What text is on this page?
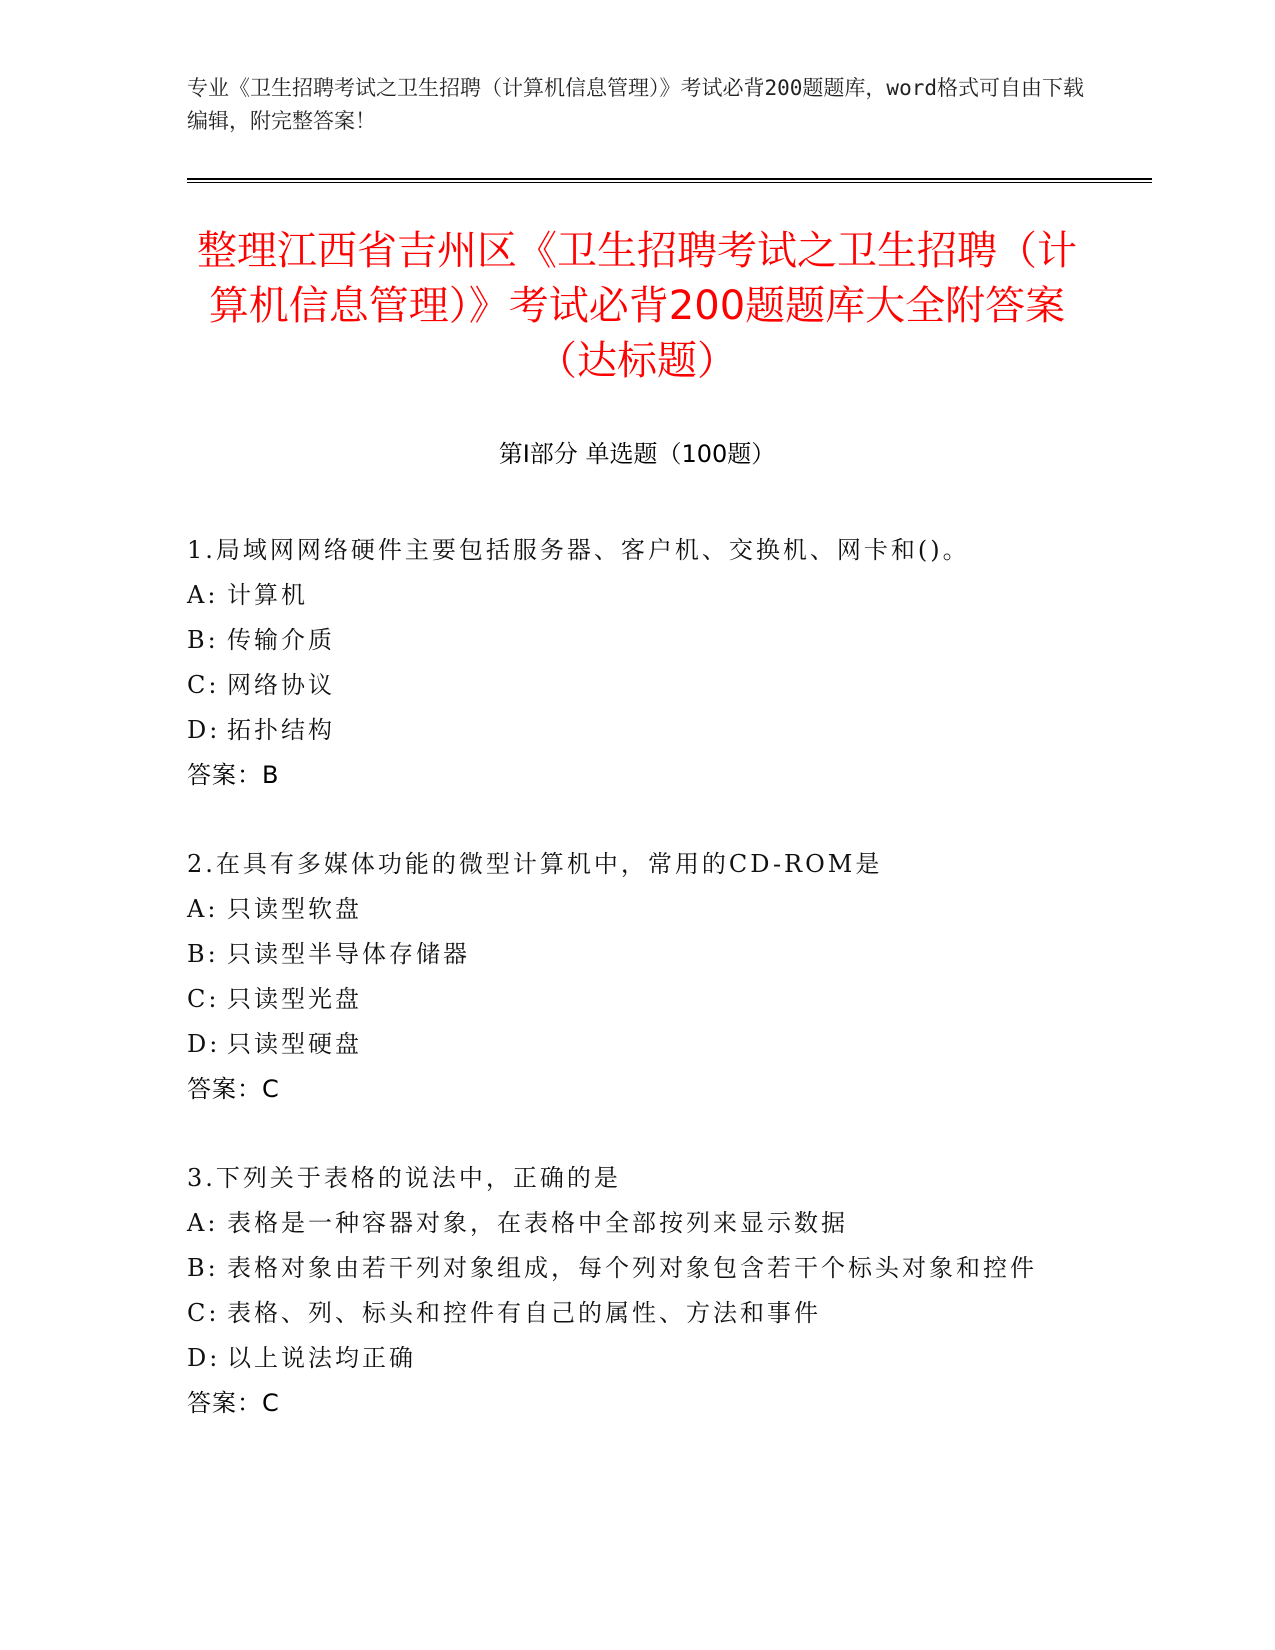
专业《卫生招聘考试之卫生招聘（计算机信息管理）》考试必背200题题库，word格式可自由下载编辑，附完整答案！
整理江西省吉州区《卫生招聘考试之卫生招聘（计算机信息管理）》考试必背200题题库大全附答案（达标题）
第I部分 单选题（100题）
1.局域网网络硬件主要包括服务器、客户机、交换机、网卡和()。
A: 计算机
B: 传输介质
C: 网络协议
D: 拓扑结构
答案：B
2.在具有多媒体功能的微型计算机中，常用的CD-ROM是
A: 只读型软盘
B: 只读型半导体存储器
C: 只读型光盘
D: 只读型硬盘
答案：C
3.下列关于表格的说法中，正确的是
A: 表格是一种容器对象，在表格中全部按列来显示数据
B: 表格对象由若干列对象组成，每个列对象包含若干个标头对象和控件
C: 表格、列、标头和控件有自己的属性、方法和事件
D: 以上说法均正确
答案：C
